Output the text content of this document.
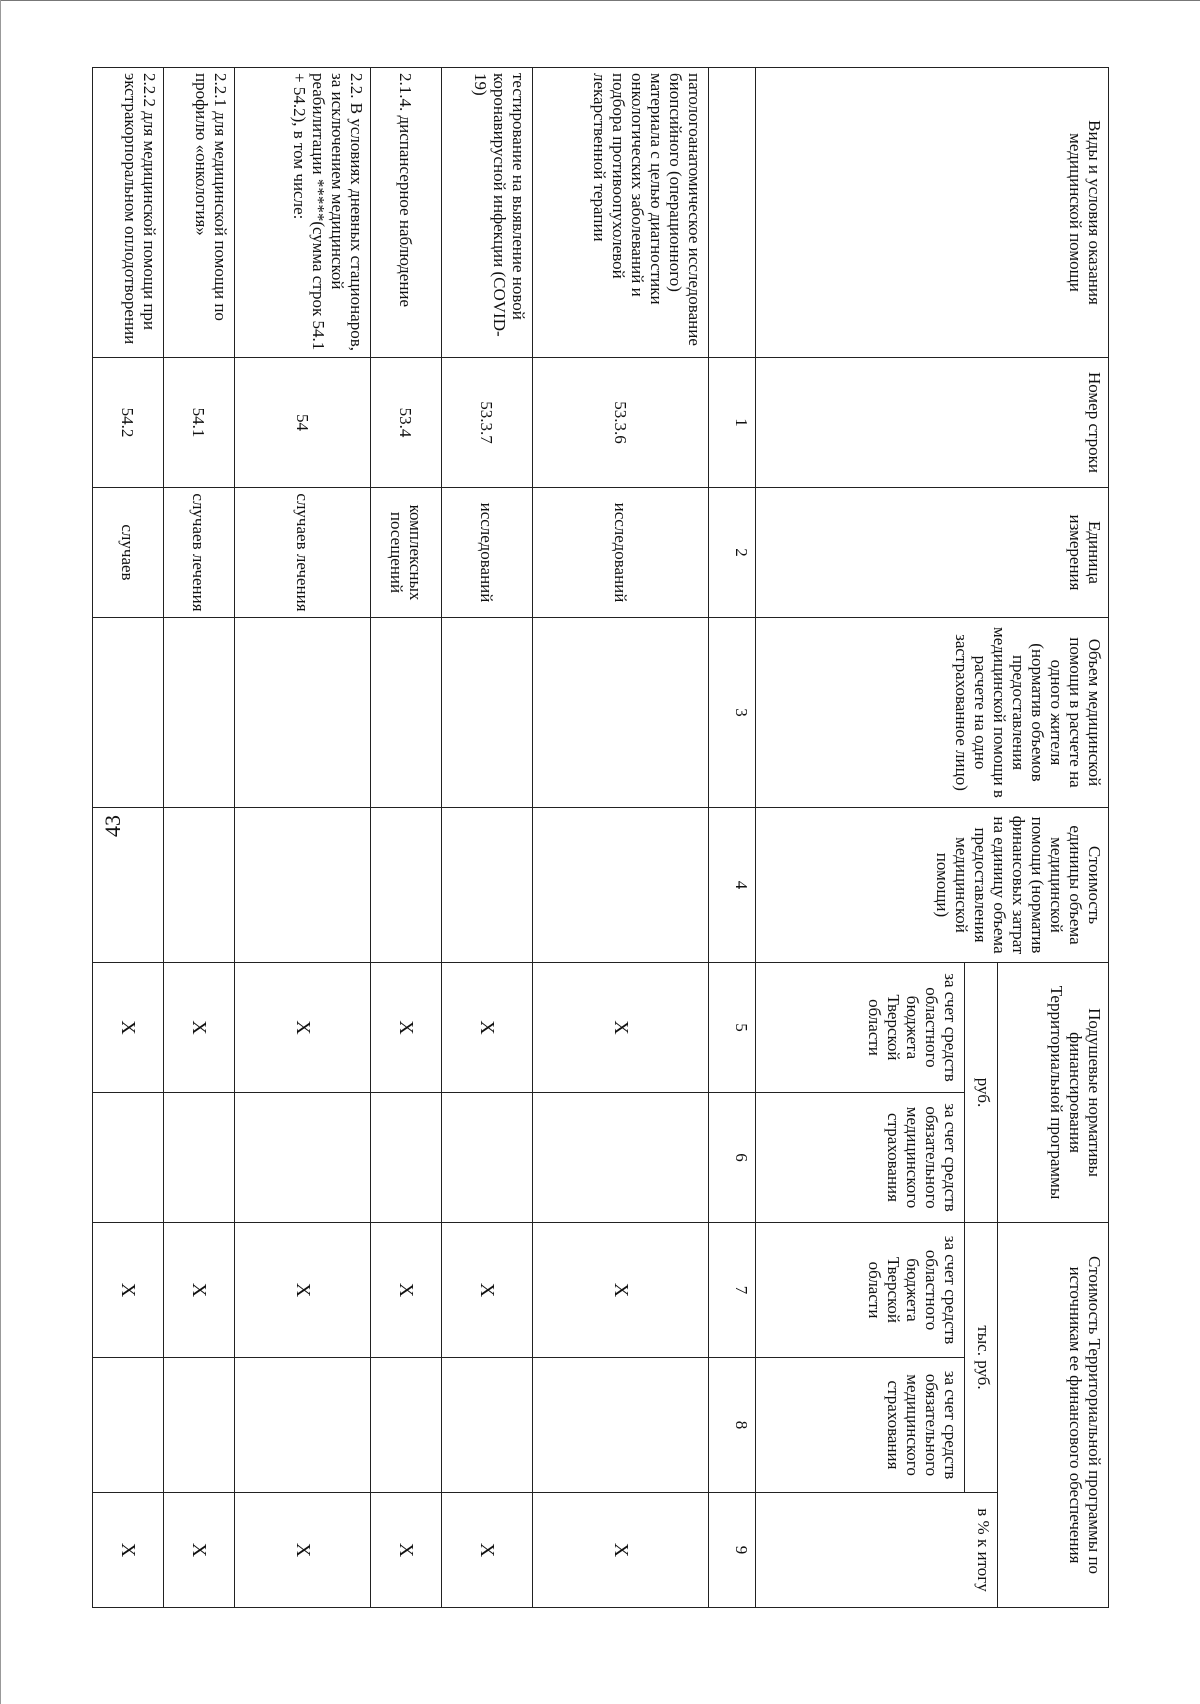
43
Виды и условия оказания медицинской помощи	Номер строки	Единица измерения	Объем медицинской помощи в расчете на одного жителя (норматив объемов предоставления медицинской помощи в расчете на одно застрахованное лицо)	Стоимость единицы объема медицинской помощи (норматив финансовых затрат на единицу объема предоставления медицинской помощи)	Подушевые нормативы финансирования Территориальной программы		Стоимость Территориальной программы по источникам ее финансового обеспечения		
					руб.		тыс. руб.		в % к итогу
					за счет средств областного бюджета Тверской области	за счет средств обязательного медицинского страхования	за счет средств областного бюджета Тверской области	за счет средств обязательного медицинского страхования	
	1	2	3	4	5	6	7	8	9
патологоанатомическое исследование биопсийного (операционного) материала с целью диагностики онкологических заболеваний и подбора противоопухолевой лекарственной терапии	53.3.6	исследований			X		X		X
тестирование на выявление новой коронавирусной инфекции (COVID-19)	53.3.7	исследований			X		X		X
2.1.4. диспансерное наблюдение	53.4	комплексных посещений			X		X		X
2.2. В условиях дневных стационаров, за исключением медицинской реабилитации *****(сумма строк 54.1 + 54.2), в том числе:	54	случаев лечения			X		X		X
2.2.1 для медицинской помощи по профилю «онкология»	54.1	случаев лечения			X		X		X
2.2.2 для медицинской помощи при экстракорпоральном оплодотворении	54.2	случаев			X		X		X
